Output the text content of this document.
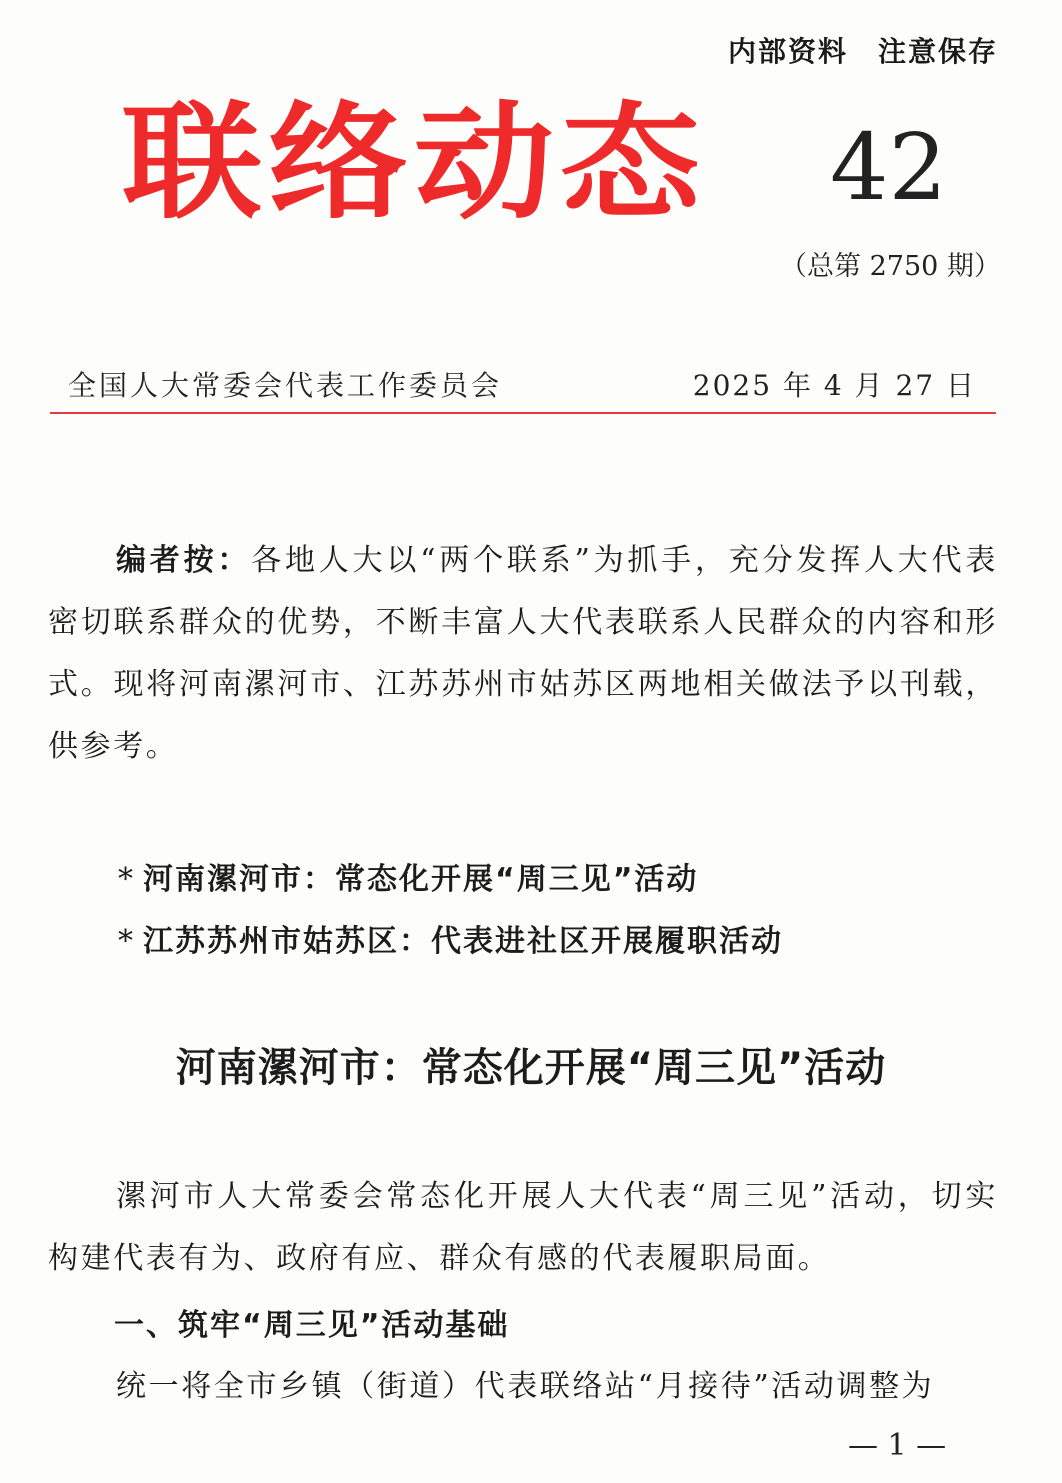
内部资料　注意保存
联络动态	42
（总第 2750 期）
全国人大常委会代表工作委员会	2025 年 4 月 27 日
编者按：各地人大以“两个联系”为抓手，充分发挥人大代表密切联系群众的优势，不断丰富人大代表联系人民群众的内容和形式。现将河南漯河市、江苏苏州市姑苏区两地相关做法予以刊载，供参考。
* 河南漯河市：常态化开展“周三见”活动
* 江苏苏州市姑苏区：代表进社区开展履职活动
河南漯河市：常态化开展“周三见”活动
漯河市人大常委会常态化开展人大代表“周三见”活动，切实构建代表有为、政府有应、群众有感的代表履职局面。
一、筑牢“周三见”活动基础
统一将全市乡镇（街道）代表联络站“月接待”活动调整为
— 1 —
